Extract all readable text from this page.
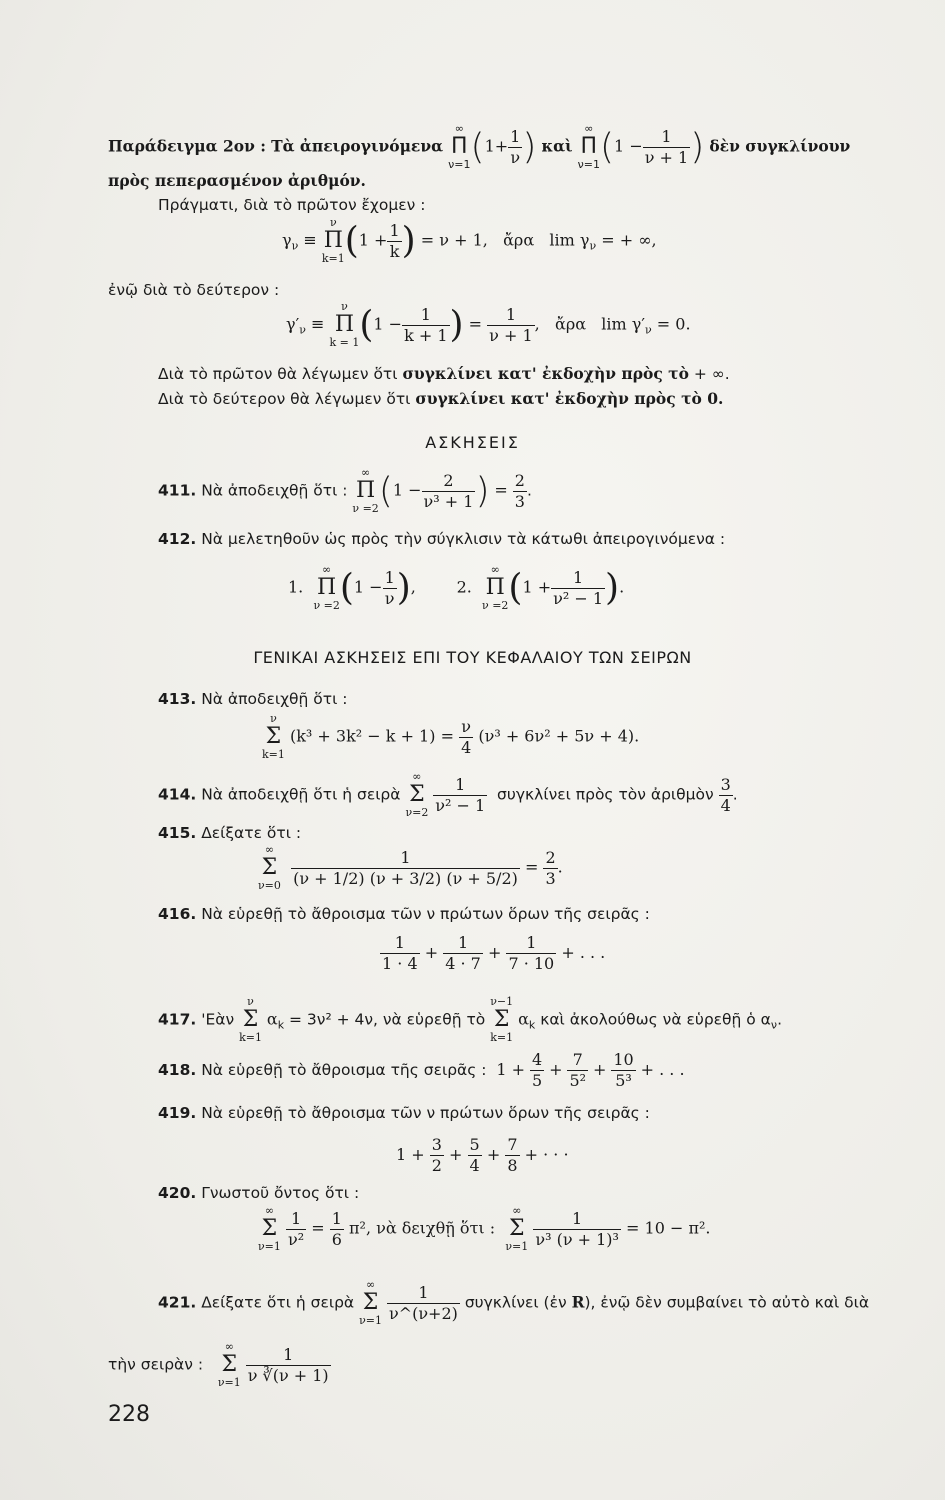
Παράδειγμα 2ον : Τὰ ἀπειρογινόμενα
∞
Π
ν=1 ($1+ \frac{1}{\nu}$ ) καὶ
∞
Π
ν=1 ($1 - \frac{1}{\nu + 1}$ ) δὲν συγκλίνουν
πρὸς πεπερασμένον ἀριθμόν.
Πράγματι, διὰ τὸ πρῶτον ἔχομεν :
$\gamma_\nu$ ≡
ν
Π
k=1 ($1 + \frac{1}{k}$ ) = ν + 1, ἄρα $\lim \gamma_\nu$ = + ∞,
ἐνῷ διὰ τὸ δεύτερον :
$\gamma'_\nu$ ≡
ν
Π
k = 1 ($1 - \frac{1}{k + 1}$ ) = $\frac{1}{\nu + 1}$ , ἄρα $\lim \gamma'_\nu = 0$.
Διὰ τὸ πρῶτον θὰ λέγωμεν ὅτι συγκλίνει κατ' ἐκδοχὴν πρὸς τὸ + ∞.
Διὰ τὸ δεύτερον θὰ λέγωμεν ὅτι συγκλίνει κατ' ἐκδοχὴν πρὸς τὸ 0.
ΑΣΚΗΣΕΙΣ
411. Νὰ ἀποδειχθῇ ὅτι :
∞
Π
ν =2 ($1 - \frac{2}{\text{ν³ + 1}}$ ) = $\frac{2}{3}$ .
412. Νὰ μελετηθοῦν ὡς πρὸς τὴν σύγκλισιν τὰ κάτωθι ἀπειρογινόμενα :
1.
∞
Π
ν =2 ($1 - \frac{1}{\nu}$ ),	2.
∞
Π
ν =2 ($1 + \frac{1}{\text{ν² − 1}}$ ).
ΓΕΝΙΚΑΙ ΑΣΚΗΣΕΙΣ ΕΠΙ ΤΟΥ ΚΕΦΑΛΑΙΟΥ ΤΩΝ ΣΕΙΡΩΝ
413. Νὰ ἀποδειχθῇ ὅτι :
ν
Σ
k=1
$(k^3 + 3k^2 - k + 1) = \frac{\nu}{4} (\nu^3 + 6\nu^2 + 5\nu + 4)$.
414. Νὰ ἀποδειχθῇ ὅτι ἡ σειρὰ
∞
Σ
ν=2
$\frac{1}{\text{ν² − 1}}$ συγκλίνει πρὸς τὸν ἀριθμὸν $\frac{3}{4}$ .
415. Δείξατε ὅτι :
∞
Σ
ν=0
$\frac{1}{(\nu + 1/2) (\nu + 3/2) (\nu + 5/2)} = \frac{2}{3}$ .
416. Νὰ εὑρεθῇ τὸ ἄθροισμα τῶν ν πρώτων ὅρων τῆς σειρᾶς :
$\frac{1}{1 \cdot 4} + \frac{1}{4 \cdot 7} + \frac{1}{7 \cdot 10}$ + . . .
417. 'Εὰν
ν
Σ
k=1
$\alpha_k = 3\nu^2 + 4\nu$, νὰ εὑρεθῇ τὸ
ν−1
Σ
k=1
$\alpha_k$ καὶ ἀκολούθως νὰ εὑρεθῇ ὁ $\alpha_\nu$.
418. Νὰ εὑρεθῇ τὸ ἄθροισμα τῆς σειρᾶς : $1 + \frac{4}{5} + \frac{7}{\text{5²}} + \frac{10}{\text{5³}}$ + . . .
419. Νὰ εὑρεθῇ τὸ ἄθροισμα τῶν ν πρώτων ὅρων τῆς σειρᾶς :
$1 + \frac{3}{2} + \frac{5}{4} + \frac{7}{8}$ + · · ·
420. Γνωστοῦ ὄντος ὅτι :
∞
Σ
ν=1
$\frac{1}{\text{ν²}} = \frac{1}{6} \pi^2$, νὰ δειχθῇ ὅτι :
∞
Σ
ν=1
$\frac{1}{\text{ν³ (ν + 1)³}} = 10 - \pi^2$.
421. Δείξατε ὅτι ἡ σειρὰ
∞
Σ
ν=1
$\frac{1}{\nu\^{}(\nu+2)}$ συγκλίνει (ἐν R), ἐνῷ δὲν συμβαίνει τὸ αὐτὸ καὶ διὰ
τὴν σειρὰν :
∞
Σ
ν=1
$\frac{1}{\nu ∛(\nu + 1)}$
228
